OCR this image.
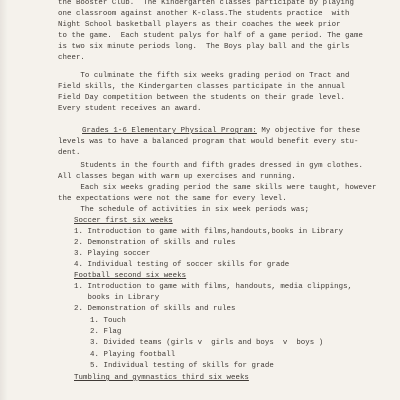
the Booster Club.  The Kindergarten classes participate by playing
one classroom against another K-class.The students practice  with
Night School basketball players as their coaches the week prior
to the game.  Each student palys for half of a game period. The game
is two six minute periods long.  The Boys play ball and the girls
cheer.
To culminate the fifth six weeks grading period on Tract and
Field skills, the Kindergarten classes participate in the annual
Field Day competition between the students on their grade level.
Every student receives an award.
Grades 1-6 Elementary Physical Program: My objective for these
levels was to have a balanced program that would benefit every stu-
dent.
Students in the fourth and fifth grades dressed in gym clothes.
All classes began with warm up exercises and running.
Each six weeks grading period the same skills were taught, however
the expectations were not the same for every level.
The schedule of activities in six week periods was;
Soccer first six weeks
1. Introduction to game with films,handouts,books in Library
2. Demonstration of skills and rules
3. Playing soccer
4. Individual testing of soccer skills for grade
Football second six weeks
1. Introduction to game with films, handouts, media clippings,
books in Library
2. Demonstration of skills and rules
1. Touch
2. Flag
3. Divided teams (girls v  girls and boys  v  boys )
4. Playing football
5. Individual testing of skills for grade
Tumbling and gymnastics third six weeks
